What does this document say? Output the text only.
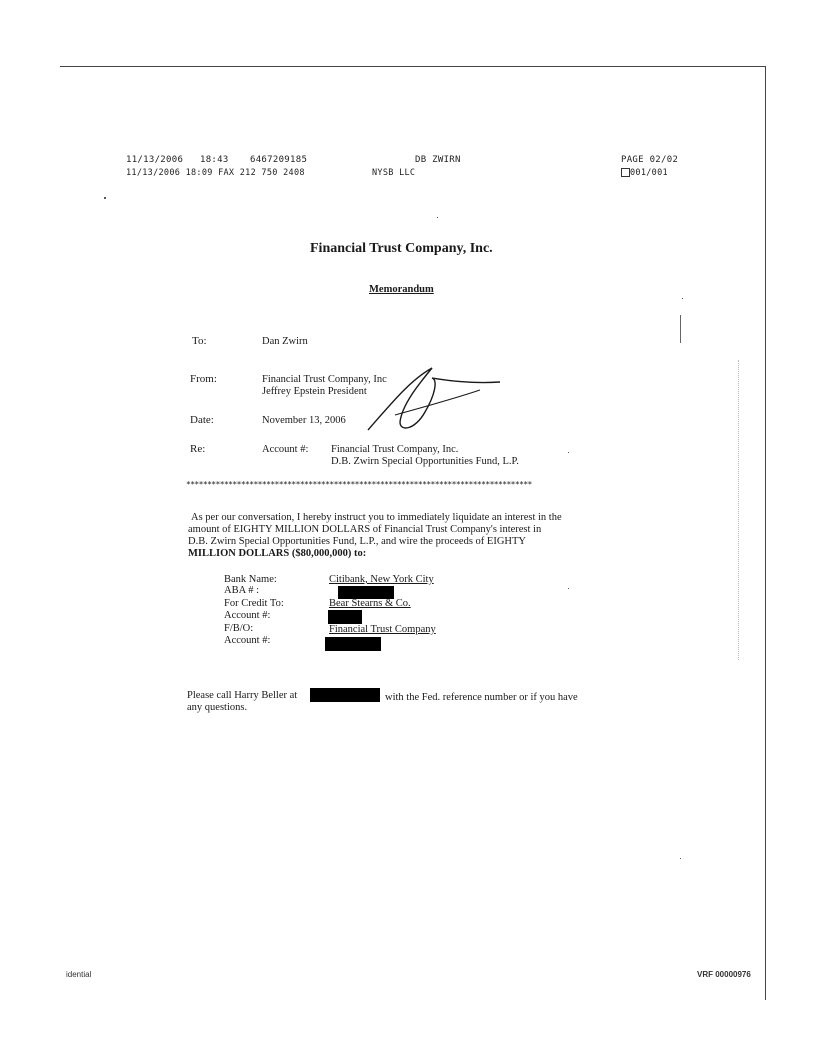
11/13/2006 18:43 6467209185	DB ZWIRN	PAGE 02/02
11/13/2006 18:09 FAX 212 750 2408	NYSB LLC	001/001
Financial Trust Company, Inc.
Memorandum
To:	Dan Zwirn
From:	Financial Trust Company, Inc
Jeffrey Epstein President
Date:	November 13, 2006
Re:	Account #: Financial Trust Company, Inc.
D.B. Zwirn Special Opportunities Fund, L.P.
**********************************************************************************
As per our conversation, I hereby instruct you to immediately liquidate an interest in the
amount of EIGHTY MILLION DOLLARS of Financial Trust Company's interest in
D.B. Zwirn Special Opportunities Fund, L.P., and wire the proceeds of EIGHTY
MILLION DOLLARS ($80,000,000) to:
Bank Name:	Citibank, New York City
ABA # :
For Credit To:	Bear Stearns & Co.
Account #:
F/B/O:	Financial Trust Company
Account #:
Please call Harry Beller at	with the Fed. reference number or if you have
any questions.
idential	VRF 00000976
